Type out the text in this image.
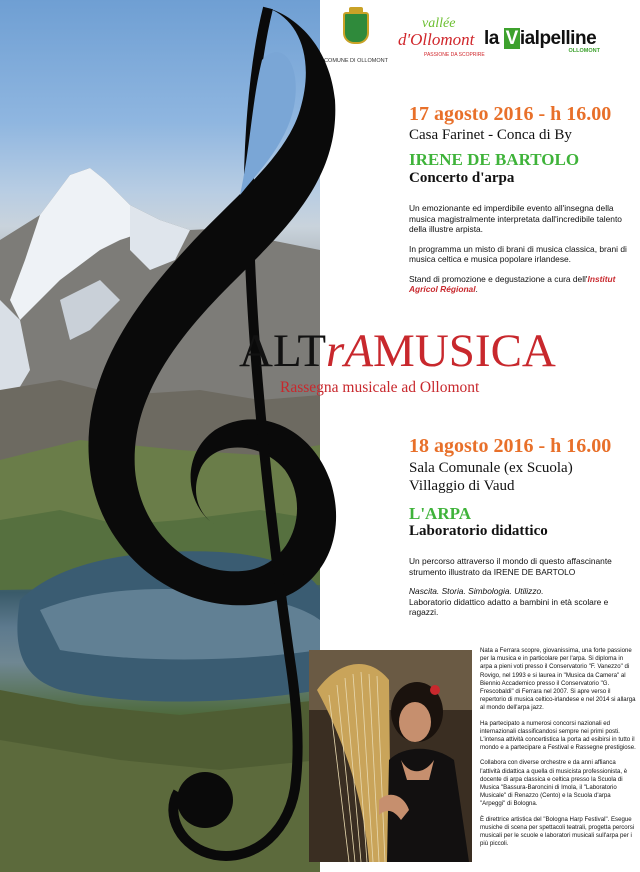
COMUNE DI OLLOMONT
vallée
d'Ollomont
PASSIONE DA SCOPRIRE
la V ialpelline
OLLOMONT
17 agosto 2016 - h 16.00
Casa Farinet - Conca di By
IRENE DE BARTOLO
Concerto d'arpa

Un emozionante ed imperdibile evento all'insegna della musica magistralmente interpretata dall'incredibile talento della illustre arpista.

In programma un misto di brani di musica classica, brani di musica celtica e musica popolare irlandese.

Stand di promozione e degustazione a cura dell'Institut Agricol Régional.

ALTrAMUSICA
Rassegna musicale ad Ollomont
18 agosto 2016 - h 16.00
Sala Comunale (ex Scuola)
Villaggio di Vaud
L'ARPA
Laboratorio didattico

Un percorso attraverso il mondo di questo affascinante strumento illustrato da IRENE DE BARTOLO

Nascita. Storia. Simbologia. Utilizzo.
Laboratorio didattico adatto a bambini in età scolare e ragazzi.

Nata a Ferrara scopre, giovanissima, una forte passione per la musica e in particolare per l'arpa. Si diploma in arpa a pieni voti presso il Conservatorio "F. Vanezzo" di Rovigo, nel 1993 e si laurea in "Musica da Camera" al Biennio Accademico presso il Conservatorio "G. Frescobaldi" di Ferrara nel 2007. Si apre verso il repertorio di musica celtico-irlandese e nel 2014 si allarga al mondo dell'arpa jazz.

Ha partecipato a numerosi concorsi nazionali ed internazionali classificandosi sempre nei primi posti. L'intensa attività concertistica la porta ad esibirsi in tutto il mondo e a partecipare a Festival e Rassegne prestigiose.

Collabora con diverse orchestre e da anni affianca l'attività didattica a quella di musicista professionista, è docente di arpa classica e celtica presso la Scuola di Musica "Bassura-Baroncini di Imola, il "Laboratorio Musicale" di Renazzo (Cento) e la Scuola d'arpa "Arpeggi" di Bologna.

È direttrice artistica del "Bologna Harp Festival". Esegue musiche di scena per spettacoli teatrali, progetta percorsi musicali per le scuole e laboratori musicali sull'arpa per i più piccoli.
